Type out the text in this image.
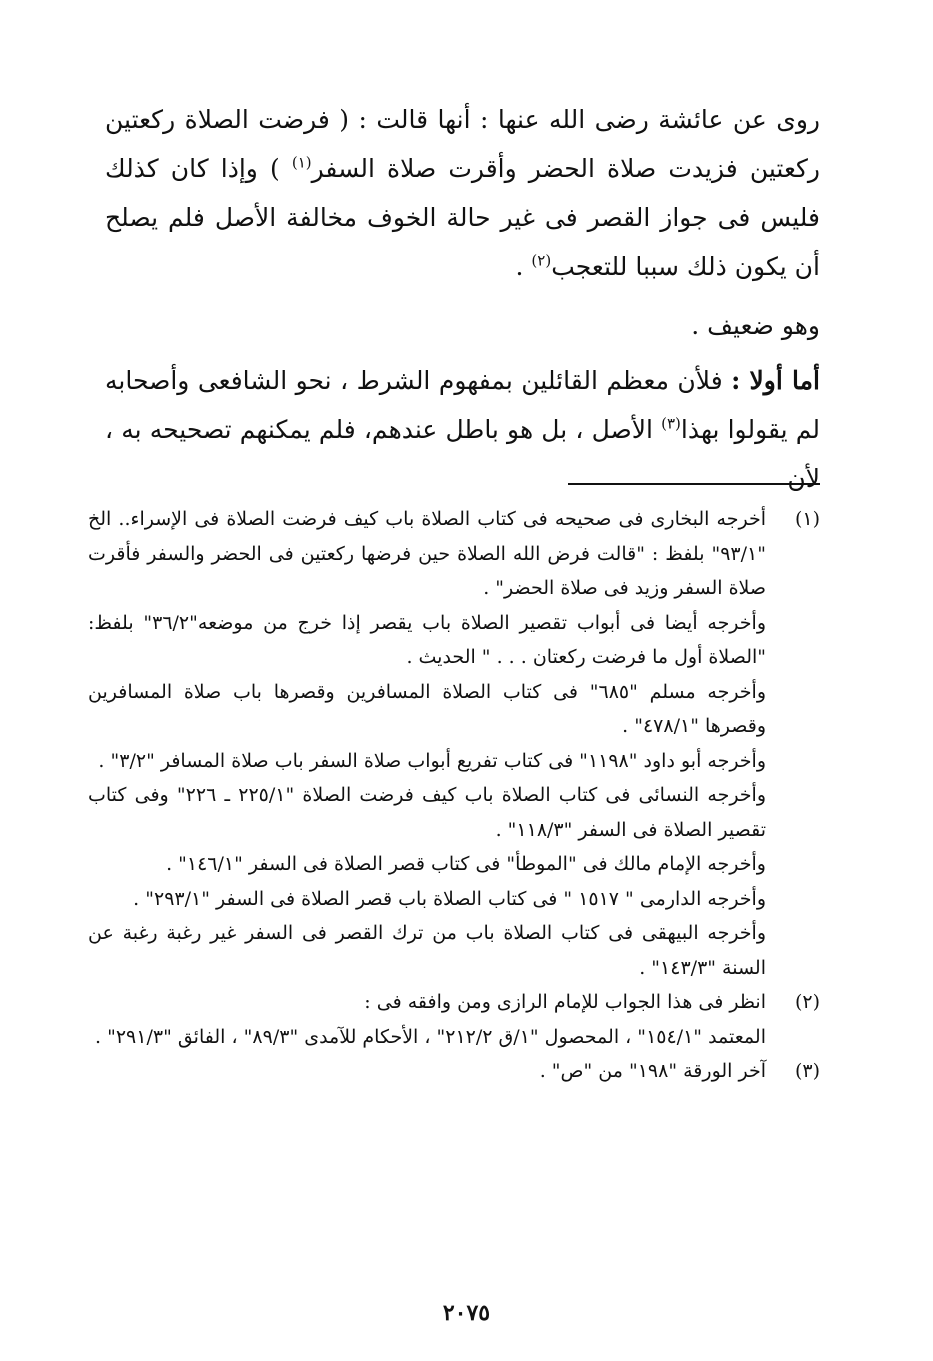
روى عن عائشة رضى الله عنها : أنها قالت : ( فرضت الصلاة ركعتين ركعتين فزيدت صلاة الحضر وأقرت صلاة السفر$^{(١)}$ ) وإذا كان كذلك فليس فى جواز القصر فى غير حالة الخوف مخالفة الأصل فلم يصلح أن يكون ذلك سببا للتعجب$^{(٢)}$ .

وهو ضعيف .

أما أولا : فلأن معظم القائلين بمفهوم الشرط ، نحو الشافعى وأصحابه لم يقولوا بهذا$^{(٣)}$ الأصل ، بل هو باطل عندهم، فلم يمكنهم تصحيحه به ، لأن

(١)

أخرجه البخارى فى صحيحه فى كتاب الصلاة باب كيف فرضت الصلاة فى الإسراء.. الخ "٩٣/١" بلفظ : "قالت فرض الله الصلاة حين فرضها ركعتين فى الحضر والسفر فأقرت صلاة السفر وزيد فى صلاة الحضر" .

وأخرجه أيضا فى أبواب تقصير الصلاة باب يقصر إذا خرج من موضعه"٣٦/٢" بلفظ: "الصلاة أول ما فرضت ركعتان . . . " الحديث .

وأخرجه مسلم "٦٨٥" فى كتاب الصلاة المسافرين وقصرها باب صلاة المسافرين وقصرها "٤٧٨/١" .

وأخرجه أبو داود "١١٩٨" فى كتاب تفريع أبواب صلاة السفر باب صلاة المسافر "٣/٢" .

وأخرجه النسائى فى كتاب الصلاة باب كيف فرضت الصلاة "٢٢٥/١ ـ ٢٢٦" وفى كتاب تقصير الصلاة فى السفر "١١٨/٣" .

وأخرجه الإمام مالك فى "الموطأ" فى كتاب قصر الصلاة فى السفر "١٤٦/١" .

وأخرجه الدارمى " ١٥١٧ " فى كتاب الصلاة باب قصر الصلاة فى السفر "٢٩٣/١" .

وأخرجه البيهقى فى كتاب الصلاة باب من ترك القصر فى السفر غير رغبة رغبة عن السنة "١٤٣/٣" .

(٢)

انظر فى هذا الجواب للإمام الرازى ومن وافقه فى :

المعتمد "١٥٤/١" ، المحصول "١/ق ٢١٢/٢" ، الأحكام للآمدى "٨٩/٣" ، الفائق "٢٩١/٣" .

(٣)

آخر الورقة "١٩٨" من "ص" .

٢٠٧٥
